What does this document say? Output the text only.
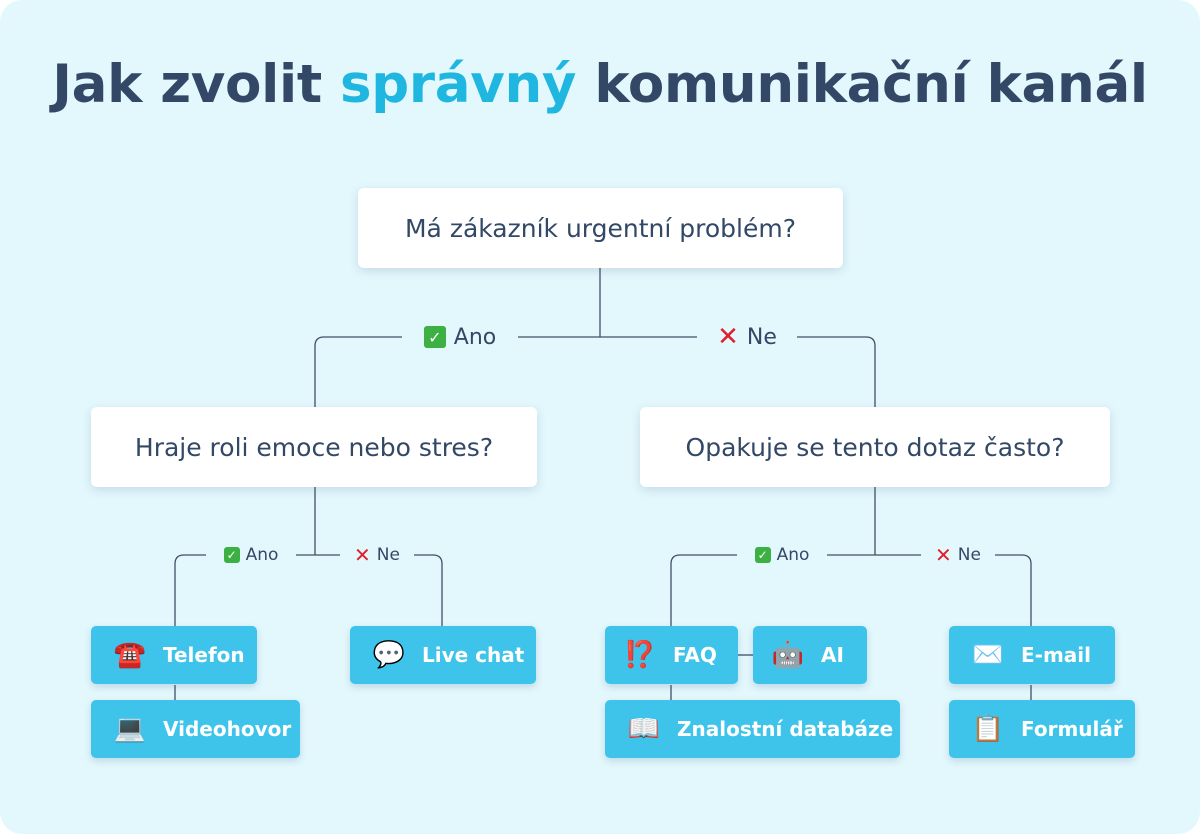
Jak zvolit správný komunikační kanál
Má zákazník urgentní problém?
Hraje roli emoce nebo stres?	Opakuje se tento dotaz často?
✓ Ano	✕ Ne
✓ Ano	✕ Ne	✓ Ano	✕ Ne
☎️ Telefon
💻 Videohovor
💬 Live chat	⁉️ FAQ 🤖 AI
📖 Znalostní databáze
✉️ E-mail
📋 Formulář
